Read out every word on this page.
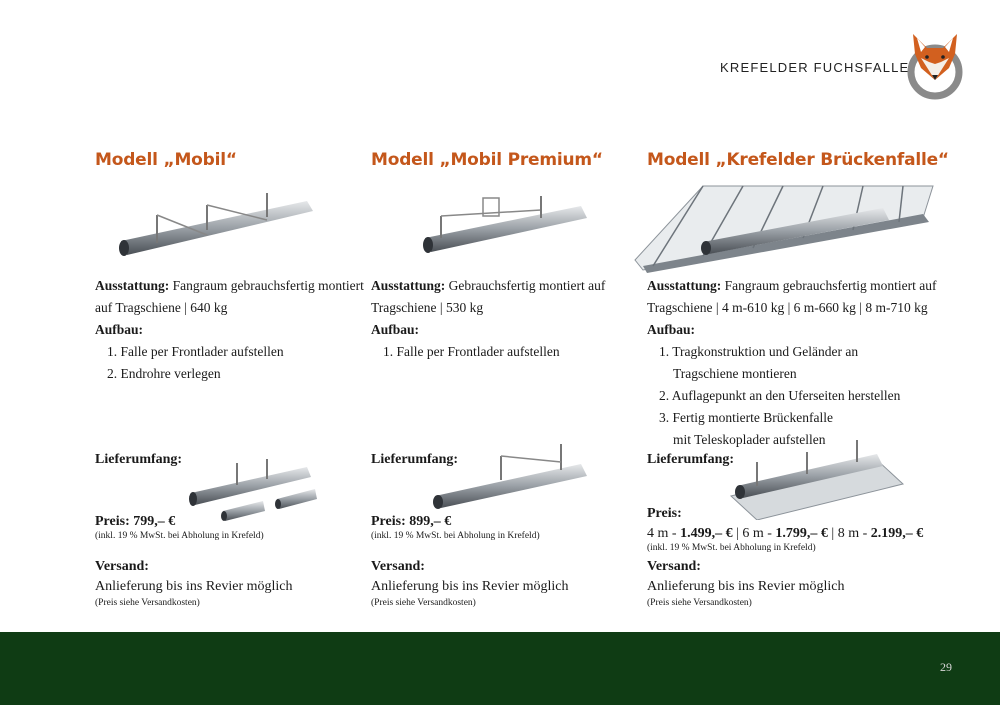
KREFELDER FUCHSFALLE
Modell „Mobil“
Ausstattung: Fangraum gebrauchsfertig montiert auf Tragschiene | 640 kg
Aufbau:
1. Falle per Frontlader aufstellen
2. Endrohre verlegen
Lieferumfang:
Preis: 799,– €
(inkl. 19 % MwSt. bei Abholung in Krefeld)
Versand:
Anlieferung bis ins Revier möglich
(Preis siehe Versandkosten)
Modell „Mobil Premium“
Ausstattung: Gebrauchsfertig montiert auf Tragschiene | 530 kg
Aufbau:
1. Falle per Frontlader aufstellen
Lieferumfang:
Preis: 899,– €
(inkl. 19 % MwSt. bei Abholung in Krefeld)
Versand:
Anlieferung bis ins Revier möglich
(Preis siehe Versandkosten)
Modell „Krefelder Brückenfalle“
Ausstattung: Fangraum gebrauchsfertig montiert auf Tragschiene | 4 m-610 kg | 6 m-660 kg | 8 m-710 kg
Aufbau:
1. Tragkonstruktion und Geländer an
Tragschiene montieren
2. Auflagepunkt an den Uferseiten herstellen
3. Fertig montierte Brückenfalle
mit Teleskoplader aufstellen
Lieferumfang:
Preis:
4 m - 1.499,– € | 6 m - 1.799,– € | 8 m - 2.199,– €
(inkl. 19 % MwSt. bei Abholung in Krefeld)
Versand:
Anlieferung bis ins Revier möglich
(Preis siehe Versandkosten)
29
